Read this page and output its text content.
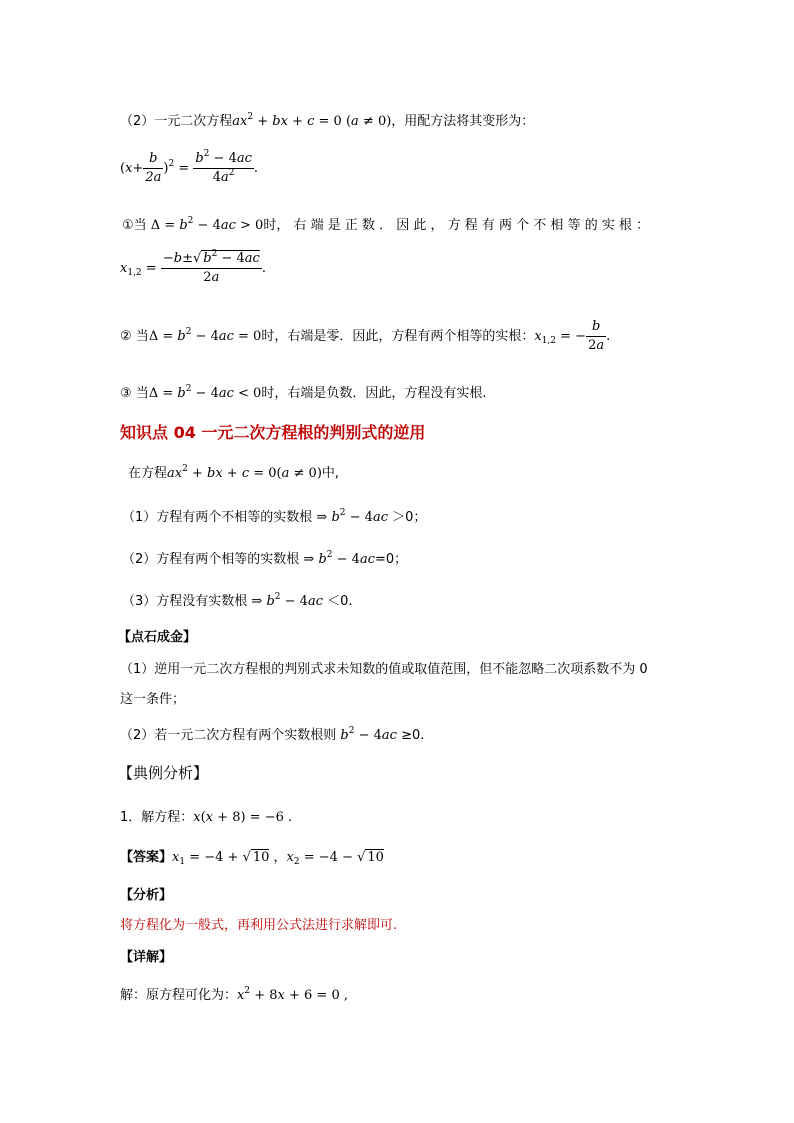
（2）一元二次方程$ax^2$ + bx + c = 0 (a ≠ 0)，用配方法将其变形为：
$(x+ \frac{b}{2a} )^2 = \frac{b^2 - 4ac}{4a^2}$ .
①当 $\Delta = b^2 - 4ac > 0$时， 右 端 是 正 数 ． 因 此 ， 方 程 有 两 个 不 相 等 的 实 根 ：
$x_{1,2} = \frac{-b\pm√ b^2 - 4ac}{2a}$ .
② 当$\Delta = b^2 - 4ac = 0$时，右端是零．因此，方程有两个相等的实根：$x_{1,2}$ = − $\frac{b}{2a}$ .
③ 当$\Delta = b^2 - 4ac < 0$时，右端是负数．因此，方程没有实根.
知识点 04 一元二次方程根的判别式的逆用
在方程$ax^2$ + bx + c = 0(a ≠ 0)中,
（1）方程有两个不相等的实数根 ⇒ $b^2 - 4ac >0$；
（2）方程有两个相等的实数根 ⇒ $b^2 - 4ac=0$；
（3）方程没有实数根 ⇒ $b^2 - 4ac <0$.
【点石成金】
（1）逆用一元二次方程根的判别式求未知数的值或取值范围，但不能忽略二次项系数不为 0
这一条件；
（2）若一元二次方程有两个实数根则 $b^2 - 4ac \ge 0$.
【典例分析】
1．解方程：x(x + 8) = −6 .
【答案】$x_1 = -4$ + √ 10 ，$x_2 = -4$ − √ 10
【分析】
将方程化为一般式，再利用公式法进行求解即可.
【详解】
解：原方程可化为：$x^2 + 8x + 6 = 0$ ,
